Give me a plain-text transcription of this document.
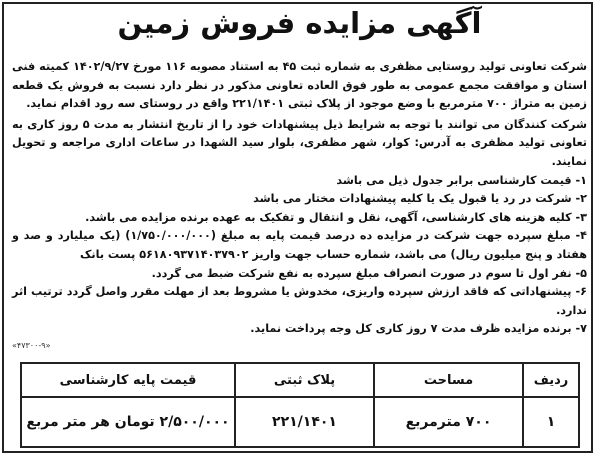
آگهی مزایده فروش زمین

شرکت تعاونی تولید روستایی مظفری به شماره ثبت ۴۵ به استناد مصوبه ۱۱۶ مورخ ۱۴۰۲/۹/۲۷ کمیته فنی استان و موافقت مجمع عمومی به طور فوق العاده تعاونی مذکور در نظر دارد نسبت به فروش یک قطعه زمین به متراژ ۷۰۰ مترمربع با وضع موجود از پلاک ثبتی ۲۲۱/۱۴۰۱ واقع در روستای سه رود اقدام نماید.

شرکت کنندگان می توانند با توجه به شرایط ذیل پیشنهادات خود را از تاریخ انتشار به مدت ۵ روز کاری به تعاونی تولید مظفری به آدرس: کوار، شهر مظفری، بلوار سید الشهدا در ساعات اداری مراجعه و تحویل نمایند.

۱- قیمت کارشناسی برابر جدول ذیل می باشد
۲- شرکت در رد یا قبول یک یا کلیه پیشنهادات مختار می باشد
۳- کلیه هزینه های کارشناسی، آگهی، نقل و انتقال و تفکیک به عهده برنده مزایده می باشد.
۴- مبلغ سپرده جهت شرکت در مزایده ده درصد قیمت پایه به مبلغ (۱/۷۵۰/۰۰۰/۰۰۰) (یک میلیارد و صد و هفتاد و پنج میلیون ریال) می باشد، شماره حساب جهت واریز ۵۶۱۸۰۹۳۷۱۴۰۳۷۹۰۲ پست بانک
۵- نفر اول تا سوم در صورت انصراف مبلغ سپرده به نفع شرکت ضبط می گردد.
۶- پیشنهاداتی که فاقد ارزش سپرده واریزی، مخدوش یا مشروط بعد از مهلت مقرر واصل گردد ترتیب اثر ندارد.
۷- برنده مزایده ظرف مدت ۷ روز کاری کل وجه پرداخت نماید.
«۴۷۳۰۰-۹»
ردیف	مساحت	پلاک ثبتی	قیمت پایه کارشناسی
۱	۷۰۰ مترمربع	۲۲۱/۱۴۰۱	۲/۵۰۰/۰۰۰ تومان هر متر مربع
